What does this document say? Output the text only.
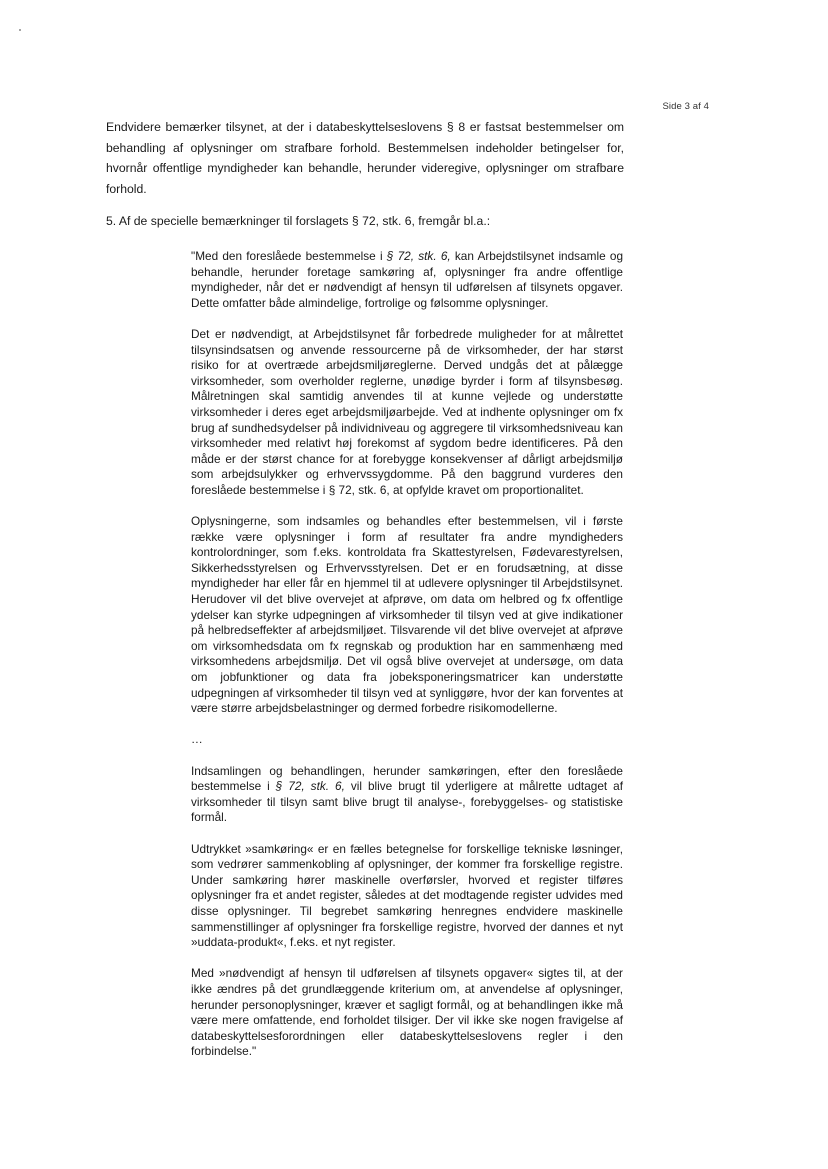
Side 3 af 4

Endvidere bemærker tilsynet, at der i databeskyttelseslovens § 8 er fastsat bestemmelser om behandling af oplysninger om strafbare forhold. Bestemmelsen indeholder betingelser for, hvornår offentlige myndigheder kan behandle, herunder videregive, oplysninger om strafbare forhold.

5. Af de specielle bemærkninger til forslagets § 72, stk. 6, fremgår bl.a.:

"Med den foreslåede bestemmelse i § 72, stk. 6, kan Arbejdstilsynet indsamle og behandle, herunder foretage samkøring af, oplysninger fra andre offentlige myndigheder, når det er nødvendigt af hensyn til udførelsen af tilsynets opgaver. Dette omfatter både almindelige, fortrolige og følsomme oplysninger.

Det er nødvendigt, at Arbejdstilsynet får forbedrede muligheder for at målrettet tilsynsindsatsen og anvende ressourcerne på de virksomheder, der har størst risiko for at overtræde arbejdsmiljøreglerne. Derved undgås det at pålægge virksomheder, som overholder reglerne, unødige byrder i form af tilsynsbesøg. Målretningen skal samtidig anvendes til at kunne vejlede og understøtte virksomheder i deres eget arbejdsmiljøarbejde. Ved at indhente oplysninger om fx brug af sundhedsydelser på individniveau og aggregere til virksomhedsniveau kan virksomheder med relativt høj forekomst af sygdom bedre identificeres. På den måde er der størst chance for at forebygge konsekvenser af dårligt arbejdsmiljø som arbejdsulykker og erhvervssygdomme. På den baggrund vurderes den foreslåede bestemmelse i § 72, stk. 6, at opfylde kravet om proportionalitet.

Oplysningerne, som indsamles og behandles efter bestemmelsen, vil i første række være oplysninger i form af resultater fra andre myndigheders kontrolordninger, som f.eks. kontroldata fra Skattestyrelsen, Fødevarestyrelsen, Sikkerhedsstyrelsen og Erhvervsstyrelsen. Det er en forudsætning, at disse myndigheder har eller får en hjemmel til at udlevere oplysninger til Arbejdstilsynet. Herudover vil det blive overvejet at afprøve, om data om helbred og fx offentlige ydelser kan styrke udpegningen af virksomheder til tilsyn ved at give indikationer på helbredseffekter af arbejdsmiljøet. Tilsvarende vil det blive overvejet at afprøve om virksomhedsdata om fx regnskab og produktion har en sammenhæng med virksomhedens arbejdsmiljø. Det vil også blive overvejet at undersøge, om data om jobfunktioner og data fra jobeksponeringsmatricer kan understøtte udpegningen af virksomheder til tilsyn ved at synliggøre, hvor der kan forventes at være større arbejdsbelastninger og dermed forbedre risikomodellerne.

…

Indsamlingen og behandlingen, herunder samkøringen, efter den foreslåede bestemmelse i § 72, stk. 6, vil blive brugt til yderligere at målrette udtaget af virksomheder til tilsyn samt blive brugt til analyse-, forebyggelses- og statistiske formål.

Udtrykket »samkøring« er en fælles betegnelse for forskellige tekniske løsninger, som vedrører sammenkobling af oplysninger, der kommer fra forskellige registre. Under samkøring hører maskinelle overførsler, hvorved et register tilføres oplysninger fra et andet register, således at det modtagende register udvides med disse oplysninger. Til begrebet samkøring henregnes endvidere maskinelle sammenstillinger af oplysninger fra forskellige registre, hvorved der dannes et nyt »uddata-produkt«, f.eks. et nyt register.

Med »nødvendigt af hensyn til udførelsen af tilsynets opgaver« sigtes til, at der ikke ændres på det grundlæggende kriterium om, at anvendelse af oplysninger, herunder personoplysninger, kræver et sagligt formål, og at behandlingen ikke må være mere omfattende, end forholdet tilsiger. Der vil ikke ske nogen fravigelse af databeskyttelsesforordningen eller databeskyttelseslovens regler i den forbindelse."
